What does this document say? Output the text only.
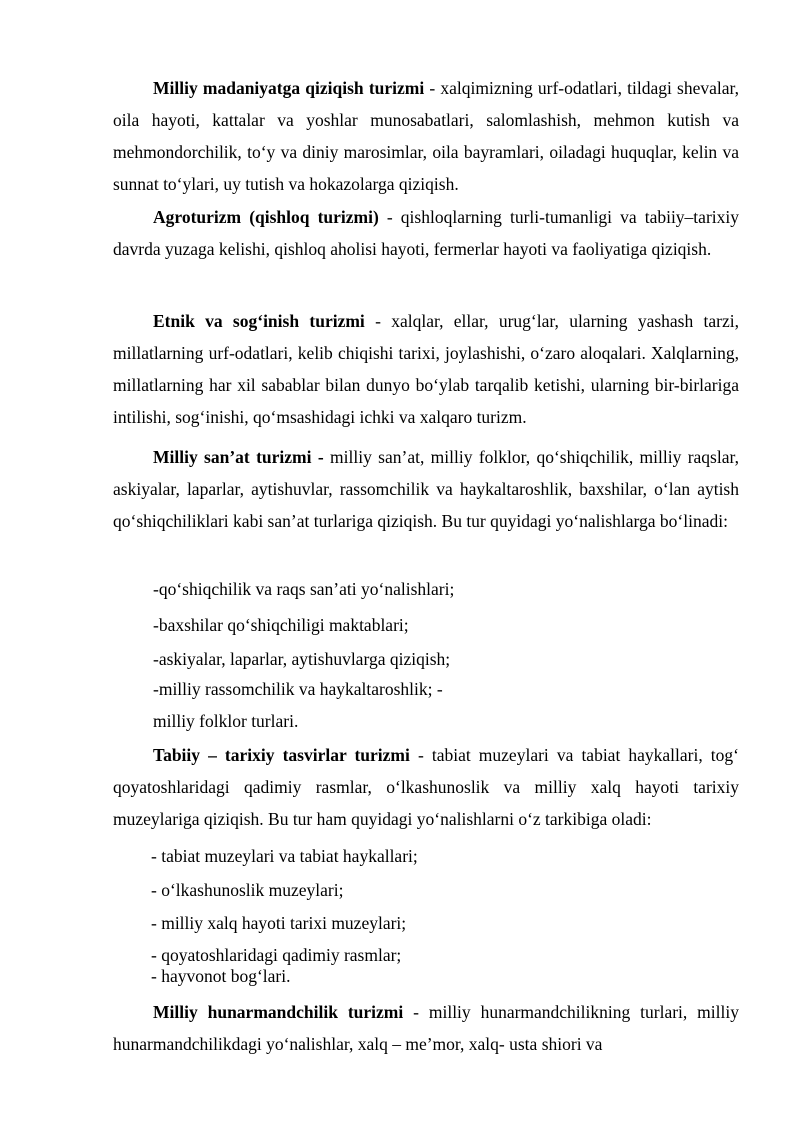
Milliy madaniyatga qiziqish turizmi - xalqimizning urf-odatlari, tildagi shevalar, oila hayoti, kattalar va yoshlar munosabatlari, salomlashish, mehmon kutish va mehmondorchilik, to‘y va diniy marosimlar, oila bayramlari, oiladagi huquqlar, kelin va sunnat to‘ylari, uy tutish va hokazolarga qiziqish.

Agroturizm (qishloq turizmi) - qishloqlarning turli-tumanligi va tabiiy–tarixiy davrda yuzaga kelishi, qishloq aholisi hayoti, fermerlar hayoti va faoliyatiga qiziqish.

Etnik va sog‘inish turizmi - xalqlar, ellar, urug‘lar, ularning yashash tarzi, millatlarning urf-odatlari, kelib chiqishi tarixi, joylashishi, o‘zaro aloqalari. Xalqlarning, millatlarning har xil sabablar bilan dunyo bo‘ylab tarqalib ketishi, ularning bir-birlariga intilishi, sog‘inishi, qo‘msashidagi ichki va xalqaro turizm.

Milliy san’at turizmi - milliy san’at, milliy folklor, qo‘shiqchilik, milliy raqslar, askiyalar, laparlar, aytishuvlar, rassomchilik va haykaltaroshlik, baxshilar, o‘lan aytish qo‘shiqchiliklari kabi san’at turlariga qiziqish. Bu tur quyidagi yo‘nalishlarga bo‘linadi:

-qo‘shiqchilik va raqs san’ati yo‘nalishlari;

-baxshilar qo‘shiqchiligi maktablari;

-askiyalar, laparlar, aytishuvlarga qiziqish;

-milliy rassomchilik va haykaltaroshlik; -

milliy folklor turlari.

Tabiiy – tarixiy tasvirlar turizmi - tabiat muzeylari va tabiat haykallari, tog‘ qoyatoshlaridagi qadimiy rasmlar, o‘lkashunoslik va milliy xalq hayoti tarixiy muzeylariga qiziqish. Bu tur ham quyidagi yo‘nalishlarni o‘z tarkibiga oladi:

- tabiat muzeylari va tabiat haykallari;

- o‘lkashunoslik muzeylari;

- milliy xalq hayoti tarixi muzeylari;

- qoyatoshlaridagi qadimiy rasmlar;

- hayvonot bog‘lari.

Milliy hunarmandchilik turizmi - milliy hunarmandchilikning turlari, milliy hunarmandchilikdagi yo‘nalishlar, xalq – me’mor, xalq- usta shiori va
